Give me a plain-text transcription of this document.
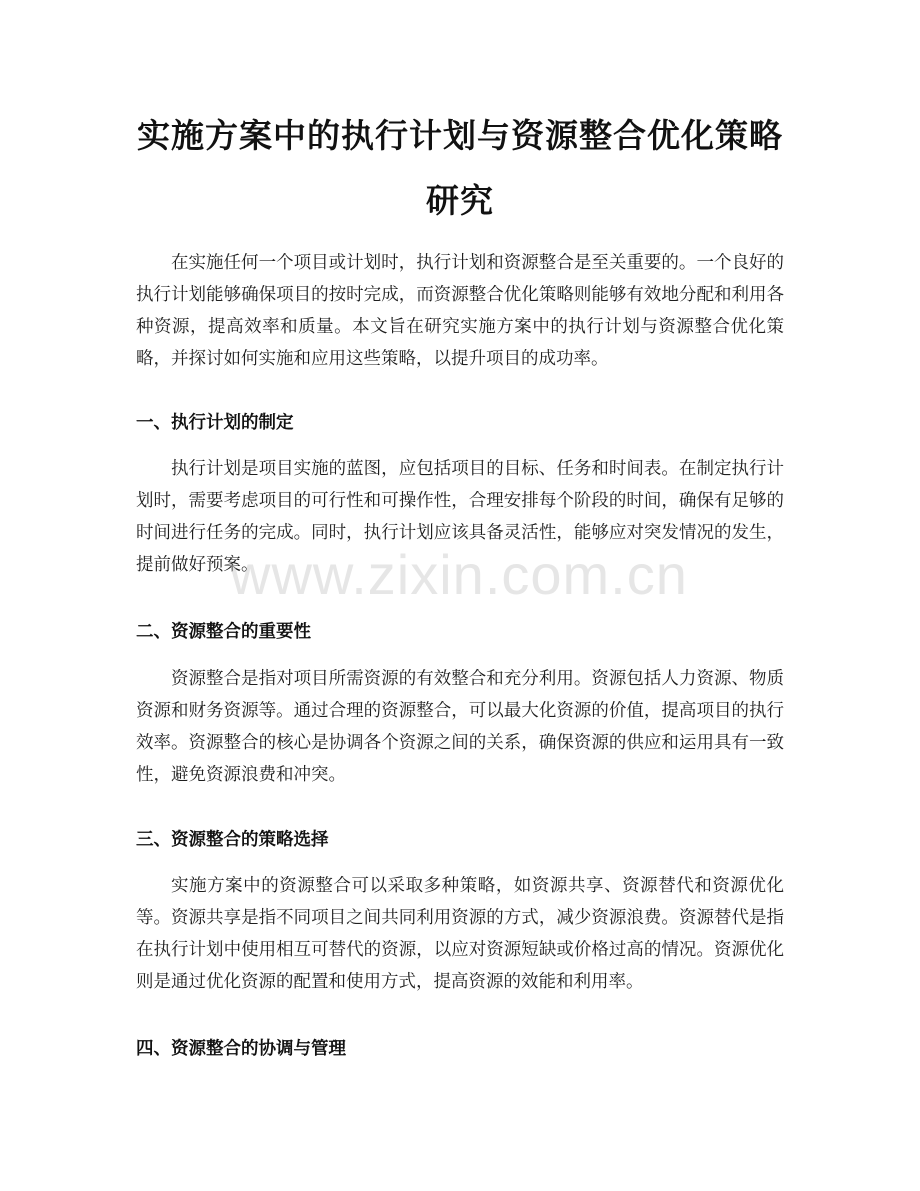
实施方案中的执行计划与资源整合优化策略
研究

在实施任何一个项目或计划时，执行计划和资源整合是至关重要的。一个良好的执行计划能够确保项目的按时完成，而资源整合优化策略则能够有效地分配和利用各种资源，提高效率和质量。本文旨在研究实施方案中的执行计划与资源整合优化策略，并探讨如何实施和应用这些策略，以提升项目的成功率。

一、执行计划的制定

执行计划是项目实施的蓝图，应包括项目的目标、任务和时间表。在制定执行计划时，需要考虑项目的可行性和可操作性，合理安排每个阶段的时间，确保有足够的时间进行任务的完成。同时，执行计划应该具备灵活性，能够应对突发情况的发生，提前做好预案。

二、资源整合的重要性

资源整合是指对项目所需资源的有效整合和充分利用。资源包括人力资源、物质资源和财务资源等。通过合理的资源整合，可以最大化资源的价值，提高项目的执行效率。资源整合的核心是协调各个资源之间的关系，确保资源的供应和运用具有一致性，避免资源浪费和冲突。

三、资源整合的策略选择

实施方案中的资源整合可以采取多种策略，如资源共享、资源替代和资源优化等。资源共享是指不同项目之间共同利用资源的方式，减少资源浪费。资源替代是指在执行计划中使用相互可替代的资源，以应对资源短缺或价格过高的情况。资源优化则是通过优化资源的配置和使用方式，提高资源的效能和利用率。

四、资源整合的协调与管理
www.zixin.com.cn
